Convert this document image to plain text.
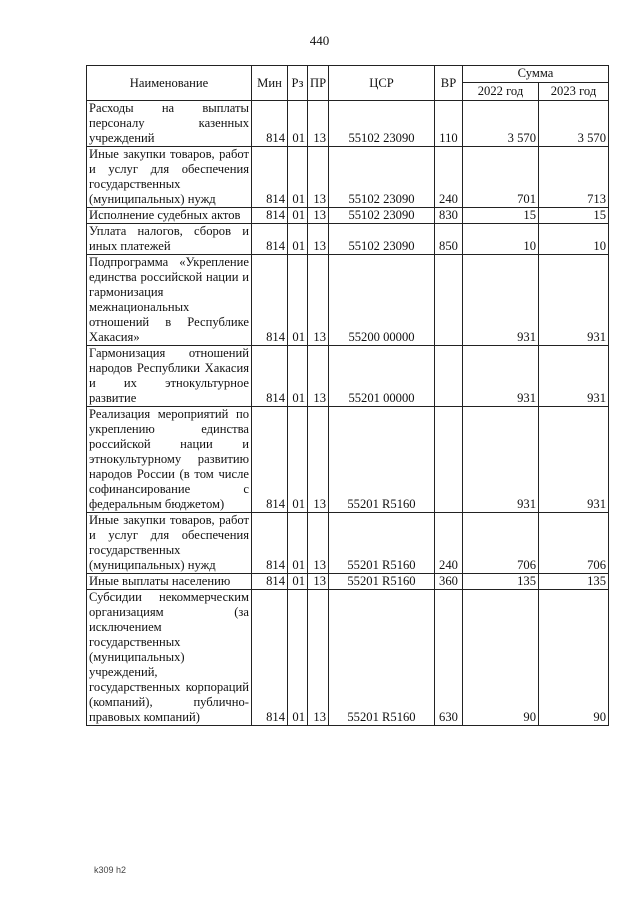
440
Наименование	Мин	Рз	ПР	ЦСР	ВР	Сумма	
						2022 год	2023 год
Расходы на выплаты персоналу казенных учреждений	814	01	13	55102 23090	110	3 570	3 570
Иные закупки товаров, работ и услуг для обеспечения государственных (муниципальных) нужд	814	01	13	55102 23090	240	701	713
Исполнение судебных актов	814	01	13	55102 23090	830	15	15
Уплата налогов, сборов и иных платежей	814	01	13	55102 23090	850	10	10
Подпрограмма «Укрепление единства российской нации и гармонизация межнациональных отношений в Республике Хакасия»	814	01	13	55200 00000		931	931
Гармонизация отношений народов Республики Хакасия и их этнокультурное развитие	814	01	13	55201 00000		931	931
Реализация мероприятий по укреплению единства российской нации и этнокультурному развитию народов России (в том числе софинансирование с федеральным бюджетом)	814	01	13	55201 R5160		931	931
Иные закупки товаров, работ и услуг для обеспечения государственных (муниципальных) нужд	814	01	13	55201 R5160	240	706	706
Иные выплаты населению	814	01	13	55201 R5160	360	135	135
Субсидии некоммерческим организациям (за исключением государственных (муниципальных) учреждений, государственных корпораций (компаний), публично-правовых компаний)	814	01	13	55201 R5160	630	90	90
k309 h2
